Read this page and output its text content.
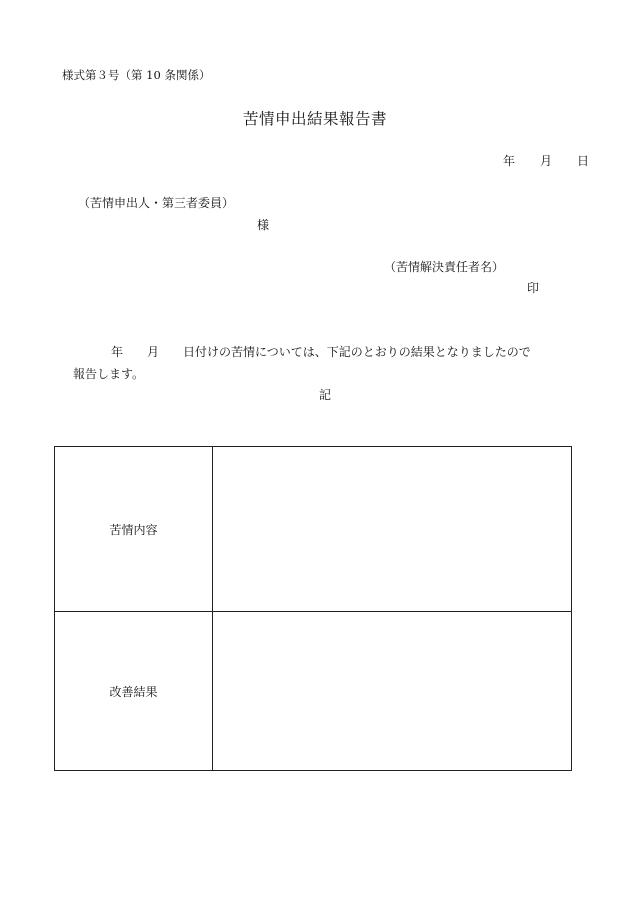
様式第３号（第 10 条関係）
苦情申出結果報告書
年 月 日
（苦情申出人・第三者委員）
様
（苦情解決責任者名）
印
年 月 日付けの苦情については、下記のとおりの結果となりましたので
報告します。
記
苦情内容
改善結果
